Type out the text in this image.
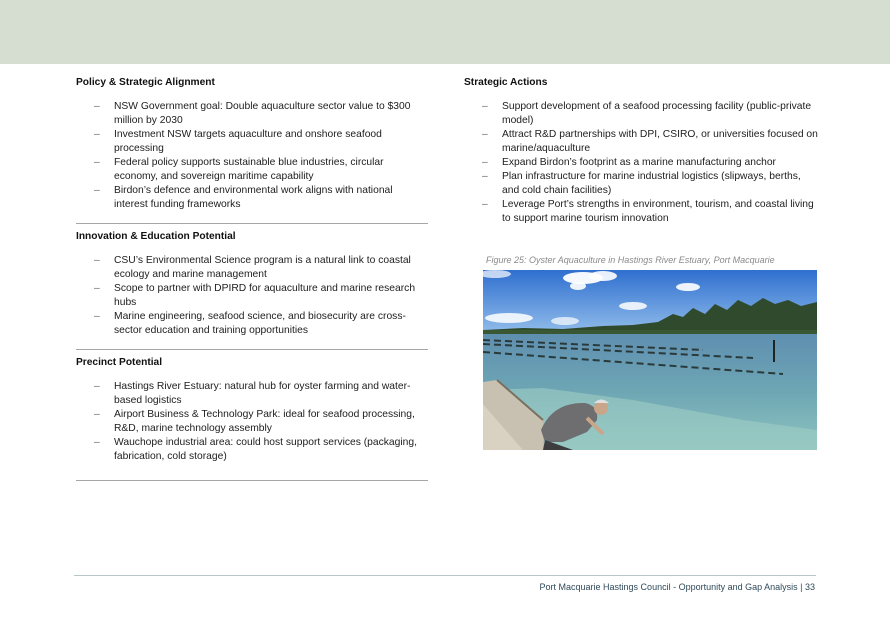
Policy & Strategic Alignment
– NSW Government goal: Double aquaculture sector value to $300 million by 2030
– Investment NSW targets aquaculture and onshore seafood processing
– Federal policy supports sustainable blue industries, circular economy, and sovereign maritime capability
– Birdon’s defence and environmental work aligns with national interest funding frameworks
Innovation & Education Potential
– CSU’s Environmental Science program is a natural link to coastal ecology and marine management
– Scope to partner with DPIRD for aquaculture and marine research hubs
– Marine engineering, seafood science, and biosecurity are cross-sector education and training opportunities
Precinct Potential
– Hastings River Estuary: natural hub for oyster farming and water-based logistics
– Airport Business & Technology Park: ideal for seafood processing, R&D, marine technology assembly
– Wauchope industrial area: could host support services (packaging, fabrication, cold storage)
Strategic Actions
– Support development of a seafood processing facility (public-private model)
– Attract R&D partnerships with DPI, CSIRO, or universities focused on marine/aquaculture
– Expand Birdon’s footprint as a marine manufacturing anchor
– Plan infrastructure for marine industrial logistics (slipways, berths, and cold chain facilities)
– Leverage Port’s strengths in environment, tourism, and coastal living to support marine tourism innovation
Figure 25: Oyster Aquaculture in Hastings River Estuary, Port Macquarie
Port Macquarie Hastings Council - Opportunity and Gap Analysis | 33
